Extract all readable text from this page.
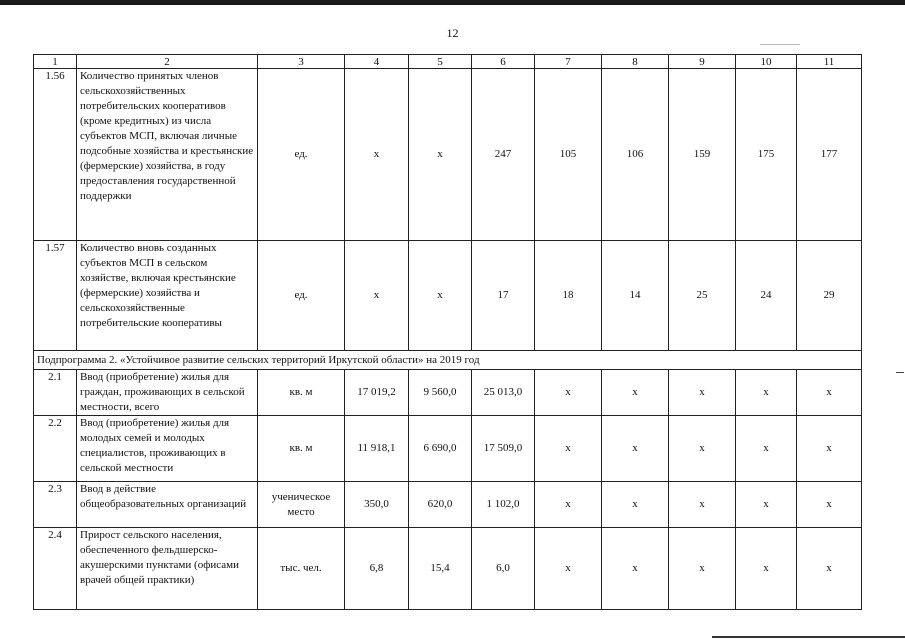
12
1	2	3	4	5	6	7	8	9	10	11
1.56	Количество принятых членов сельскохозяйственных потребительских кооперативов (кроме кредитных) из числа субъектов МСП, включая личные подсобные хозяйства и крестьянские (фермерские) хозяйства, в году предоставления государственной поддержки	ед.	х	х	247	105	106	159	175	177
1.57	Количество вновь созданных субъектов МСП в сельском хозяйстве, включая крестьянские (фермерские) хозяйства и сельскохозяйственные потребительские кооперативы	ед.	х	х	17	18	14	25	24	29
Подпрограмма 2. «Устойчивое развитие сельских территорий Иркутской области» на 2019 год										
2.1	Ввод (приобретение) жилья для граждан, проживающих в сельской местности, всего	кв. м	17 019,2	9 560,0	25 013,0	х	х	х	х	х
2.2	Ввод (приобретение) жилья для молодых семей и молодых специалистов, проживающих в сельской местности	кв. м	11 918,1	6 690,0	17 509,0	х	х	х	х	х
2.3	Ввод в действие общеобразовательных организаций	ученическое место	350,0	620,0	1 102,0	х	х	х	х	х
2.4	Прирост сельского населения, обеспеченного фельдшерско-акушерскими пунктами (офисами врачей общей практики)	тыс. чел.	6,8	15,4	6,0	х	х	х	х	х
